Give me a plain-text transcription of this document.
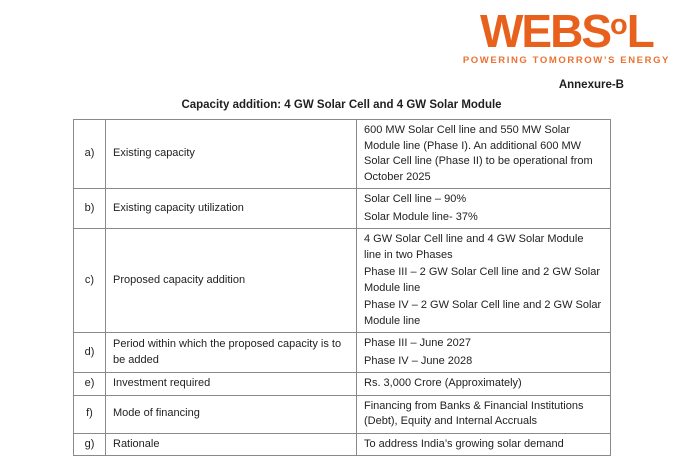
WEBSoL
POWERING TOMORROW’S ENERGY
Annexure-B
Capacity addition: 4 GW Solar Cell and 4 GW Solar Module
a)	Existing capacity	600 MW Solar Cell line and 550 MW Solar Module line (Phase I). An additional 600 MW Solar Cell line (Phase II) to be operational from October 2025

b)	Existing capacity utilization	Solar Cell line – 90%

Solar Module line- 37%

c)	Proposed capacity addition	4 GW Solar Cell line and 4 GW Solar Module line in two Phases

Phase III – 2 GW Solar Cell line and 2 GW Solar Module line

Phase IV – 2 GW Solar Cell line and 2 GW Solar Module line

d)	Period within which the proposed capacity is to be added	Phase III – June 2027

Phase IV – June 2028

e)	Investment required	Rs. 3,000 Crore (Approximately)

f)	Mode of financing	Financing from Banks & Financial Institutions (Debt), Equity and Internal Accruals

g)	Rationale	To address India’s growing solar demand
